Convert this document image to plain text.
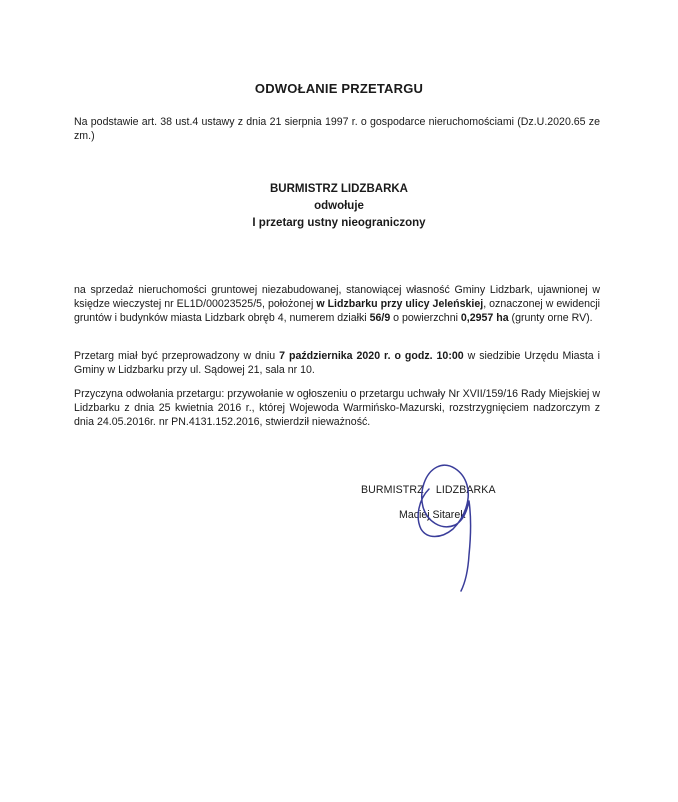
ODWOŁANIE PRZETARGU
Na podstawie art. 38 ust.4 ustawy z dnia 21 sierpnia 1997 r. o gospodarce nieruchomościami (Dz.U.2020.65 ze zm.)
BURMISTRZ LIDZBARKA
odwołuje
I przetarg ustny nieograniczony
na sprzedaż nieruchomości gruntowej niezabudowanej, stanowiącej własność Gminy Lidzbark, ujawnionej w księdze wieczystej nr EL1D/00023525/5, położonej w Lidzbarku przy ulicy Jeleńskiej, oznaczonej w ewidencji gruntów i budynków miasta Lidzbark obręb 4, numerem działki 56/9 o powierzchni 0,2957 ha (grunty orne RV).
Przetarg miał być przeprowadzony w dniu 7 października 2020 r. o godz. 10:00 w siedzibie Urzędu Miasta i Gminy w Lidzbarku przy ul. Sądowej 21, sala nr 10.
Przyczyna odwołania przetargu: przywołanie w ogłoszeniu o przetargu uchwały Nr XVII/159/16 Rady Miejskiej w Lidzbarku z dnia 25 kwietnia 2016 r., której Wojewoda Warmińsko-Mazurski, rozstrzygnięciem nadzorczym z dnia 24.05.2016r. nr PN.4131.152.2016, stwierdził nieważność.
BURMISTRZ    LIDZBARKA
Maciej Sitarek
